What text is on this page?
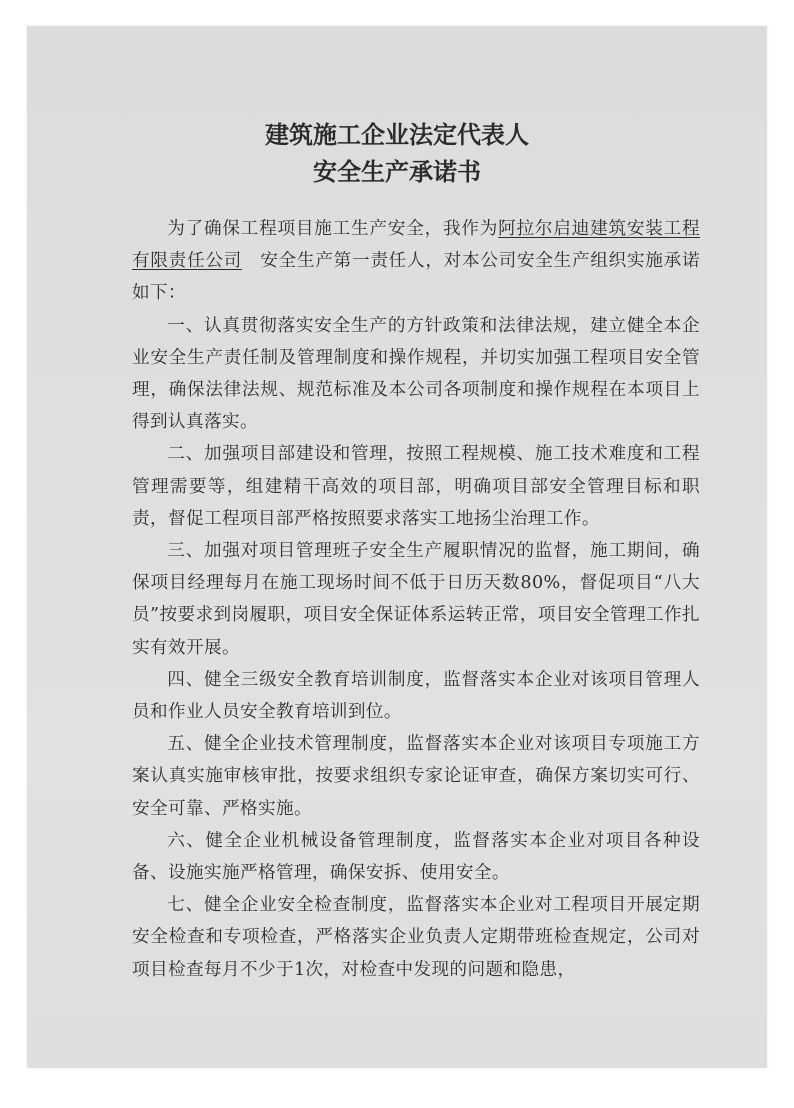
建筑施工企业法定代表人
安全生产承诺书

为了确保工程项目施工生产安全，我作为阿拉尔启迪建筑安装工程有限责任公司　 安全生产第一责任人，对本公司安全生产组织实施承诺如下：

一、认真贯彻落实安全生产的方针政策和法律法规，建立健全本企业安全生产责任制及管理制度和操作规程，并切实加强工程项目安全管理，确保法律法规、规范标准及本公司各项制度和操作规程在本项目上得到认真落实。

二、加强项目部建设和管理，按照工程规模、施工技术难度和工程管理需要等，组建精干高效的项目部，明确项目部安全管理目标和职责，督促工程项目部严格按照要求落实工地扬尘治理工作。

三、加强对项目管理班子安全生产履职情况的监督，施工期间，确保项目经理每月在施工现场时间不低于日历天数80%，督促项目“八大员”按要求到岗履职，项目安全保证体系运转正常，项目安全管理工作扎实有效开展。

四、健全三级安全教育培训制度，监督落实本企业对该项目管理人员和作业人员安全教育培训到位。

五、健全企业技术管理制度，监督落实本企业对该项目专项施工方案认真实施审核审批，按要求组织专家论证审查，确保方案切实可行、安全可靠、严格实施。

六、健全企业机械设备管理制度，监督落实本企业对项目各种设备、设施实施严格管理，确保安拆、使用安全。

七、健全企业安全检查制度，监督落实本企业对工程项目开展定期安全检查和专项检查，严格落实企业负责人定期带班检查规定，公司对项目检查每月不少于1次，对检查中发现的问题和隐患，
